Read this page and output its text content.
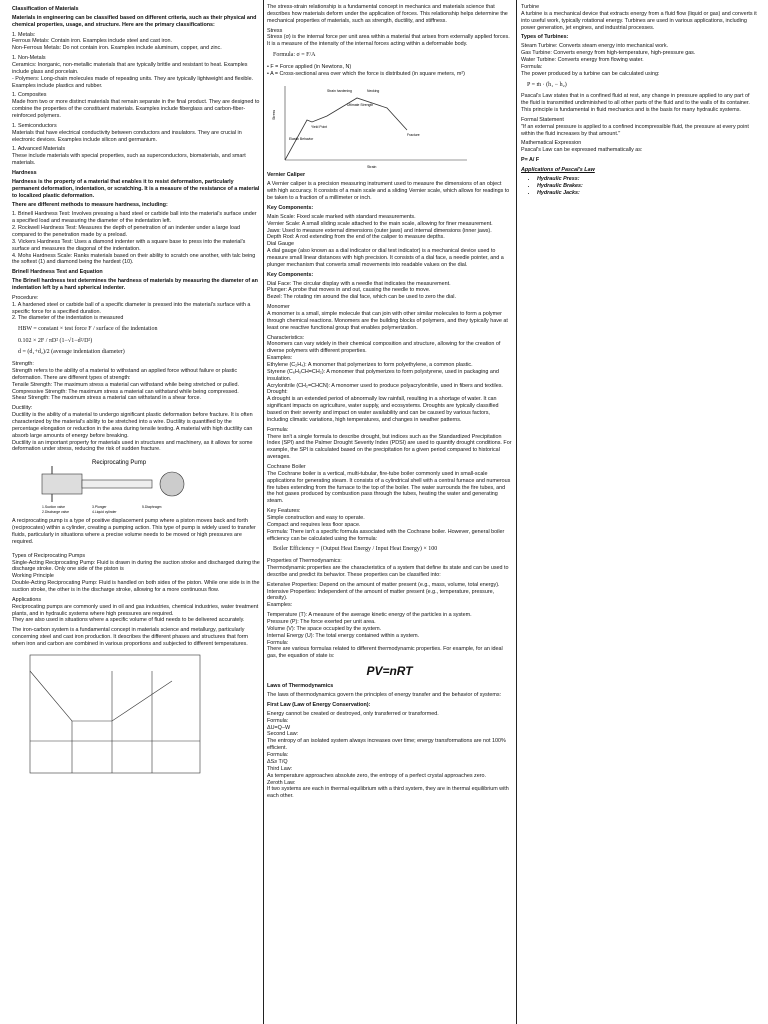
Classification of Materials
Materials in engineering can be classified based on different criteria, such as their physical and chemical properties, usage, and structure. Here are the primary classifications:
1. Metals:
Ferrous Metals: Contain iron. Examples include steel and cast iron.
Non-Ferrous Metals: Do not contain iron. Examples include aluminum, copper, and zinc.
1. Non-Metals
Ceramics: Inorganic, non-metallic materials that are typically brittle and resistant to heat. Examples include glass and porcelain.
- Polymers: Long-chain molecules made of repeating units. They are typically lightweight and flexible. Examples include plastics and rubber.
1. Composites
Made from two or more distinct materials that remain separate in the final product. They are designed to combine the properties of the constituent materials. Examples include fiberglass and carbon-fiber-reinforced polymers.
1. Semiconductors
Materials that have electrical conductivity between conductors and insulators. They are crucial in electronic devices. Examples include silicon and germanium.
1. Advanced Materials
These include materials with special properties, such as superconductors, biomaterials, and smart materials.
Hardness
Hardness is the property of a material that enables it to resist deformation, particularly permanent deformation, indentation, or scratching. It is a measure of the resistance of a material to localized plastic deformation.
There are different methods to measure hardness, including:
1. Brinell Hardness Test: Involves pressing a hard steel or carbide ball into the material's surface under a specified load and measuring the diameter of the indentation left.
2. Rockwell Hardness Test: Measures the depth of penetration of an indenter under a large load compared to the penetration made by a preload.
3. Vickers Hardness Test: Uses a diamond indenter with a square base to press into the material's surface and measures the diagonal of the indentation.
4. Mohs Hardness Scale: Ranks materials based on their ability to scratch one another, with talc being the softest (1) and diamond being the hardest (10).
Brinell Hardness Test and Equation
The Brinell hardness test determines the hardness of materials by measuring the diameter of an indentation left by a hard spherical indenter.
Procedure:
1. A hardened steel or carbide ball of a specific diameter is pressed into the material's surface with a specific force for a specified duration.
2. The diameter of the indentation is measured
HBW = constant × test force F / surface of the indentation
0.102 × 2F / πD² (1−√1−d²/D²)
d = (d₁+d₂)/2 (average indentation diameter)
Strength:
Strength refers to the ability of a material to withstand an applied force without failure or plastic deformation. There are different types of strength:
Tensile Strength: The maximum stress a material can withstand while being stretched or pulled.
Compressive Strength: The maximum stress a material can withstand while being compressed.
Shear Strength: The maximum stress a material can withstand in a shear force.
Ductility:
Ductility is the ability of a material to undergo significant plastic deformation before fracture. It is often characterized by the material's ability to be stretched into a wire. Ductility is quantified by the percentage elongation or reduction in the area during tensile testing. A material with high ductility can absorb large amounts of energy before breaking.
Ductility is an important property for materials used in structures and machinery, as it allows for some deformation under stress, reducing the risk of sudden fracture.
Reciprocating Pump
1.Suction valve
2.Discharge valve
3.Plunger
4.Liquid cylinder
5.Diaphragm
A reciprocating pump is a type of positive displacement pump where a piston moves back and forth (reciprocates) within a cylinder, creating a pumping action. This type of pump is widely used to transfer fluids, particularly in situations where a precise volume needs to be moved or high pressures are required.
Types of Reciprocating Pumps
Single-Acting Reciprocating Pump: Fluid is drawn in during the suction stroke and discharged during the discharge stroke. Only one side of the piston is
Working Principle
Double-Acting Reciprocating Pump: Fluid is handled on both sides of the piston. While one side is in the suction stroke, the other is in the discharge stroke, allowing for a more continuous flow.
Applications
Reciprocating pumps are commonly used in oil and gas industries, chemical industries, water treatment plants, and in hydraulic systems where high pressures are required.
They are also used in situations where a specific volume of fluid needs to be delivered accurately.
The iron-carbon system is a fundamental concept in materials science and metallurgy, particularly concerning steel and cast iron production. It describes the different phases and structures that form when iron and carbon are combined in various proportions and subjected to different temperatures.
The stress-strain relationship is a fundamental concept in mechanics and materials science that describes how materials deform under the application of forces. This relationship helps determine the mechanical properties of materials, such as strength, ductility, and stiffness.
Stress
Stress (σ) is the internal force per unit area within a material that arises from externally applied forces. It is a measure of the intensity of the internal forces acting within a deformable body.
Formula: σ = F/A
• F = Force applied (in Newtons, N)
• A = Cross-sectional area over which the force is distributed (in square meters, m²)
Strain hardening	Necking
Ultimate Strength
Fracture
Elastic Behavior
Yield Point
Stress
Strain
Vernier Caliper
A Vernier caliper is a precision measuring instrument used to measure the dimensions of an object with high accuracy. It consists of a main scale and a sliding Vernier scale, which allows for readings to be taken to a fraction of a millimeter or inch.
Key Components:
Main Scale: Fixed scale marked with standard measurements.
Vernier Scale: A small sliding scale attached to the main scale, allowing for finer measurement.
Jaws: Used to measure external dimensions (outer jaws) and internal dimensions (inner jaws).
Depth Rod: A rod extending from the end of the caliper to measure depths.
Dial Gauge
A dial gauge (also known as a dial indicator or dial test indicator) is a mechanical device used to measure small linear distances with high precision. It consists of a dial face, a needle pointer, and a plunger mechanism that converts small movements into readable values on the dial.
Key Components:
Dial Face: The circular display with a needle that indicates the measurement.
Plunger: A probe that moves in and out, causing the needle to move.
Bezel: The rotating rim around the dial face, which can be used to zero the dial.
Monomer
A monomer is a small, simple molecule that can join with other similar molecules to form a polymer through chemical reactions. Monomers are the building blocks of polymers, and they typically have at least one reactive functional group that enables polymerization.
Characteristics:
Monomers can vary widely in their chemical composition and structure, allowing for the creation of diverse polymers with different properties.
Examples:
Ethylene (C₂H₄): A monomer that polymerizes to form polyethylene, a common plastic.
Styrene (C₆H₅CH=CH₂): A monomer that polymerizes to form polystyrene, used in packaging and insulation.
Acrylonitrile (CH₂=CHCN): A monomer used to produce polyacrylonitrile, used in fibers and textiles.
Drought:
A drought is an extended period of abnormally low rainfall, resulting in a shortage of water. It can significant impacts on agriculture, water supply, and ecosystems. Droughts are typically classified based on their severity and impact on water availability and can be caused by various factors, including climatic variations, high temperatures, and changes in weather patterns.
Formula:
There isn't a single formula to describe drought, but indices such as the Standardized Precipitation Index (SPI) and the Palmer Drought Severity Index (PDSI) are used to quantify drought conditions. For example, the SPI is calculated based on the precipitation for a given period compared to historical averages.
Cochrane Boiler
The Cochrane boiler is a vertical, multi-tubular, fire-tube boiler commonly used in small-scale applications for generating steam. It consists of a cylindrical shell with a central furnace and numerous fire tubes extending from the furnace to the top of the boiler. The water surrounds the fire tubes, and the hot gases produced by combustion pass through the tubes, heating the water and generating steam.
Key Features:
Simple construction and easy to operate.
Compact and requires less floor space.
Formula: There isn't a specific formula associated with the Cochrane boiler. However, general boiler efficiency can be calculated using the formula:
Boiler Efficiency = (Output Heat Energy / Input Heat Energy) × 100
Properties of Thermodynamics:
Thermodynamic properties are the characteristics of a system that define its state and can be used to describe and predict its behavior. These properties can be classified into:
Extensive Properties: Depend on the amount of matter present (e.g., mass, volume, total energy).
Intensive Properties: Independent of the amount of matter present (e.g., temperature, pressure, density).
Examples:
Temperature (T): A measure of the average kinetic energy of the particles in a system.
Pressure (P): The force exerted per unit area.
Volume (V): The space occupied by the system.
Internal Energy (U): The total energy contained within a system.
Formula:
There are various formulas related to different thermodynamic properties. For example, for an ideal gas, the equation of state is:
PV=nRT
Laws of Thermodynamics
The laws of thermodynamics govern the principles of energy transfer and the behavior of systems:
First Law (Law of Energy Conservation):
Energy cannot be created or destroyed, only transferred or transformed.
Formula:
ΔU=Q−W
Second Law:
The entropy of an isolated system always increases over time; energy transformations are not 100% efficient.
Formula:
ΔS≥ T/Q
Third Law:
As temperature approaches absolute zero, the entropy of a perfect crystal approaches zero.
Zeroth Law:
If two systems are each in thermal equilibrium with a third system, they are in thermal equilibrium with each other.
Turbine
A turbine is a mechanical device that extracts energy from a fluid flow (liquid or gas) and converts it into useful work, typically rotational energy. Turbines are used in various applications, including power generation, jet engines, and industrial processes.
Types of Turbines:
Steam Turbine: Converts steam energy into mechanical work.
Gas Turbine: Converts energy from high-temperature, high-pressure gas.
Water Turbine: Converts energy from flowing water.
Formula:
The power produced by a turbine can be calculated using:
P = ṁ · (h₁ − h₂)
Pascal's Law states that in a confined fluid at rest, any change in pressure applied to any part of the fluid is transmitted undiminished to all other parts of the fluid and to the walls of its container. This principle is fundamental in fluid mechanics and is the basis for many hydraulic systems.
Formal Statement
"If an external pressure is applied to a confined incompressible fluid, the pressure at every point within the fluid increases by that amount."
Mathematical Expression
Pascal's Law can be expressed mathematically as:
P= A/ F
Applications of Pascal's Law
• Hydraulic Press:
• Hydraulic Brakes:
• Hydraulic Jacks:
